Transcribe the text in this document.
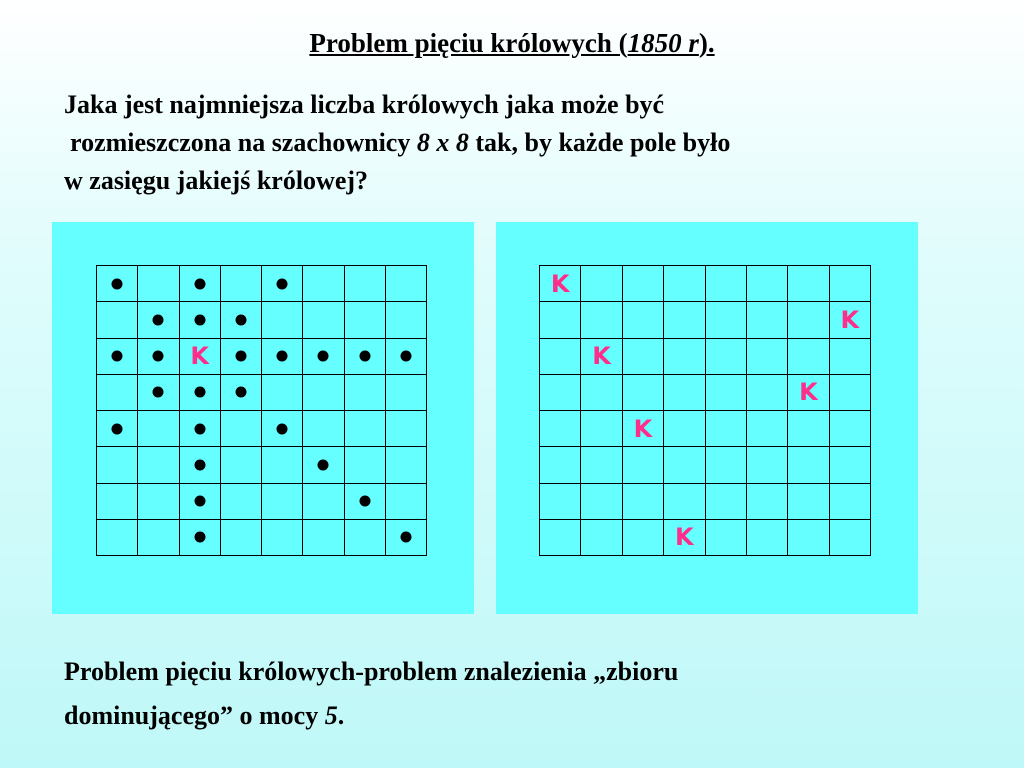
Problem pięciu królowych (1850 r).
Jaka jest najmniejsza liczba królowych jaka może być
rozmieszczona na szachownicy 8 x 8 tak, by każde pole było
w zasięgu jakiejś królowej?
K
K
K
K
K
K
K
Problem pięciu królowych-problem znalezienia „zbioru
dominującego” o mocy 5.
